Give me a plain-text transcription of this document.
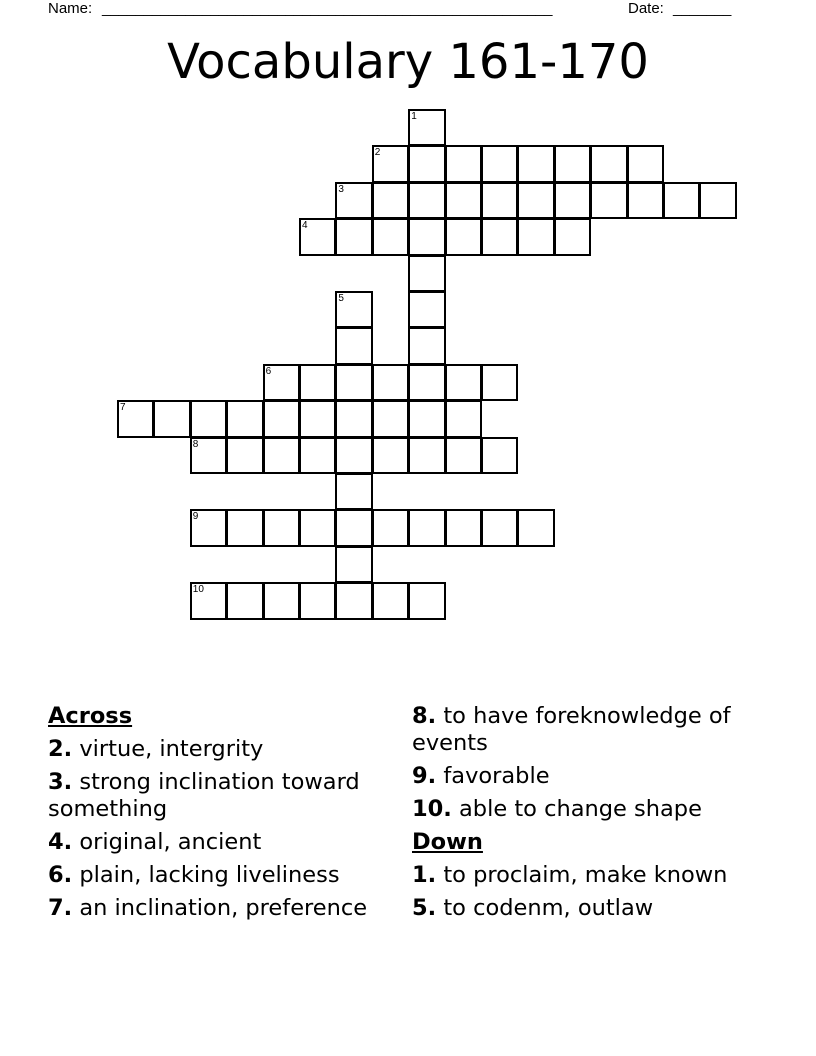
Name: ______________________________________________________	Date: _______
Vocabulary 161-170
1
2
3
4
5
6
7
8
9
10
Across
2. virtue, intergrity
3. strong inclination toward something
4. original, ancient
6. plain, lacking liveliness
7. an inclination, preference
8. to have foreknowledge of events
9. favorable
10. able to change shape
Down
1. to proclaim, make known
5. to codenm, outlaw
